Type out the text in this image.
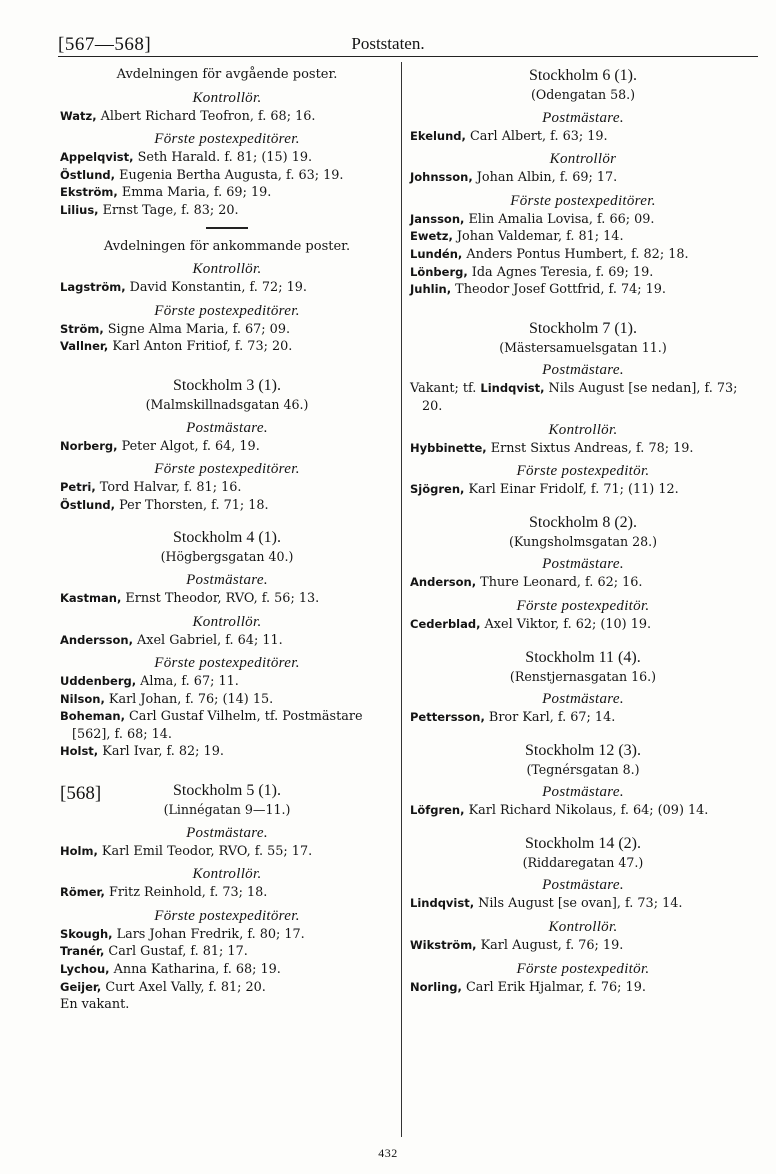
[567—568]	Poststaten.
Avdelningen för avgående poster.
Kontrollör.
Watz, Albert Richard Teofron, f. 68; 16.
Förste postexpeditörer.
Appelqvist, Seth Harald. f. 81; (15) 19.
Östlund, Eugenia Bertha Augusta, f. 63; 19.
Ekström, Emma Maria, f. 69; 19.
Lilius, Ernst Tage, f. 83; 20.
Avdelningen för ankommande poster.
Kontrollör.
Lagström, David Konstantin, f. 72; 19.
Förste postexpeditörer.
Ström, Signe Alma Maria, f. 67; 09.
Vallner, Karl Anton Fritiof, f. 73; 20.
Stockholm 3 (1).
(Malmskillnadsgatan 46.)
Postmästare.
Norberg, Peter Algot, f. 64, 19.
Förste postexpeditörer.
Petri, Tord Halvar, f. 81; 16.
Östlund, Per Thorsten, f. 71; 18.
Stockholm 4 (1).
(Högbergsgatan 40.)
Postmästare.
Kastman, Ernst Theodor, RVO, f. 56; 13.
Kontrollör.
Andersson, Axel Gabriel, f. 64; 11.
Förste postexpeditörer.
Uddenberg, Alma, f. 67; 11.
Nilson, Karl Johan, f. 76; (14) 15.
Boheman, Carl Gustaf Vilhelm, tf. Postmästare [562], f. 68; 14.
Holst, Karl Ivar, f. 82; 19.
[568]	Stockholm 5 (1).
(Linnégatan 9—11.)
Postmästare.
Holm, Karl Emil Teodor, RVO, f. 55; 17.
Kontrollör.
Römer, Fritz Reinhold, f. 73; 18.
Förste postexpeditörer.
Skough, Lars Johan Fredrik, f. 80; 17.
Tranér, Carl Gustaf, f. 81; 17.
Lychou, Anna Katharina, f. 68; 19.
Geijer, Curt Axel Vally, f. 81; 20.
En vakant.
Stockholm 6 (1).
(Odengatan 58.)
Postmästare.
Ekelund, Carl Albert, f. 63; 19.
Kontrollör
Johnsson, Johan Albin, f. 69; 17.
Förste postexpeditörer.
Jansson, Elin Amalia Lovisa, f. 66; 09.
Ewetz, Johan Valdemar, f. 81; 14.
Lundén, Anders Pontus Humbert, f. 82; 18.
Lönberg, Ida Agnes Teresia, f. 69; 19.
Juhlin, Theodor Josef Gottfrid, f. 74; 19.
Stockholm 7 (1).
(Mästersamuelsgatan 11.)
Postmästare.
Vakant; tf. Lindqvist, Nils August [se nedan], f. 73; 20.
Kontrollör.
Hybbinette, Ernst Sixtus Andreas, f. 78; 19.
Förste postexpeditör.
Sjögren, Karl Einar Fridolf, f. 71; (11) 12.
Stockholm 8 (2).
(Kungsholmsgatan 28.)
Postmästare.
Anderson, Thure Leonard, f. 62; 16.
Förste postexpeditör.
Cederblad, Axel Viktor, f. 62; (10) 19.
Stockholm 11 (4).
(Renstjernasgatan 16.)
Postmästare.
Pettersson, Bror Karl, f. 67; 14.
Stockholm 12 (3).
(Tegnérsgatan 8.)
Postmästare.
Löfgren, Karl Richard Nikolaus, f. 64; (09) 14.
Stockholm 14 (2).
(Riddaregatan 47.)
Postmästare.
Lindqvist, Nils August [se ovan], f. 73; 14.
Kontrollör.
Wikström, Karl August, f. 76; 19.
Förste postexpeditör.
Norling, Carl Erik Hjalmar, f. 76; 19.
432
